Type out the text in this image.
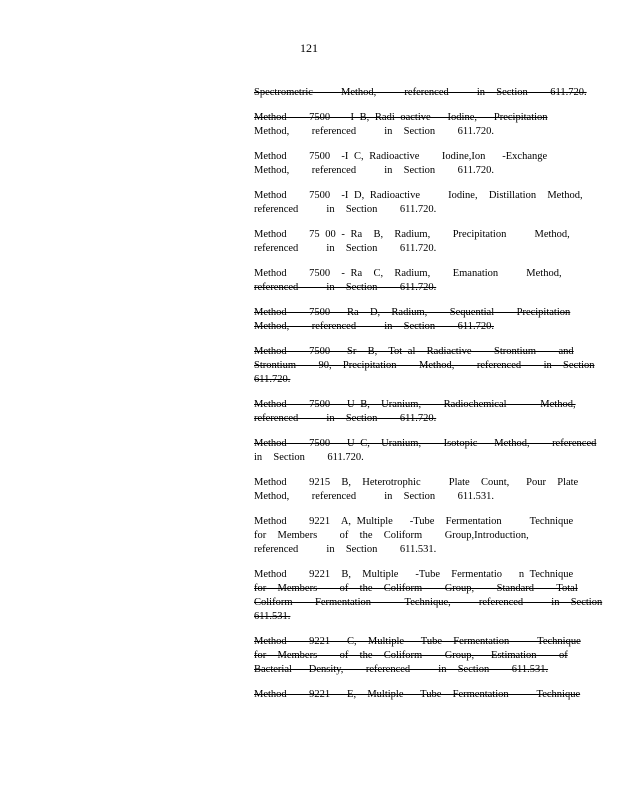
121
Spectrometric     Method,     referenced     in  Section    611.720.
Method    7500   -I B, Radi oactive   Iodine,   Precipitation
Method,    referenced     in  Section    611.720.
Method    7500  -I C, Radioactive    Iodine,Ion   -Exchange
Method,    referenced     in  Section    611.720.
Method    7500  -I D, Radioactive     Iodine,  Distillation  Method,
referenced     in  Section    611.720.
Method    75 00 - Ra  B,  Radium,    Precipitation     Method,
referenced     in  Section    611.720.
Method    7500  - Ra  C,  Radium,    Emanation     Method,
referenced     in  Section    611.720.
Method    7500   Ra  D,  Radium,    Sequential    Precipitation
Method,    referenced     in  Section    611.720.
Method    7500   Sr  B,  Tot al  Radiactive    Strontium    and
Strontium    90,  Precipitation    Method,    referenced    in  Section
611.720.
Method    7500   U B,  Uranium,    Radiochemical      Method,
referenced     in  Section    611.720.
Method    7500   U C,  Uranium,    Isotopic   Method,    referenced
in  Section    611.720.
Method    9215  B,  Heterotrophic     Plate  Count,   Pour  Plate
Method,    referenced     in  Section    611.531.
Method    9221  A, Multiple   -Tube  Fermentation     Technique
for  Members    of  the  Coliform    Group,Introduction,
referenced     in  Section    611.531.
Method    9221  B,  Multiple   -Tube  Fermentatio   n Technique
for  Members    of  the  Coliform    Group,    Standard    Total
Coliform    Fermentation      Technique,     referenced     in  Section
611.531.
Method    9221   C,  Multiple   Tube  Fermentation     Technique
for  Members    of  the  Coliform    Group,   Estimation    of
Bacterial   Density,    referenced     in  Section    611.531.
Method    9221   E,  Multiple   Tube  Fermentation     Technique
